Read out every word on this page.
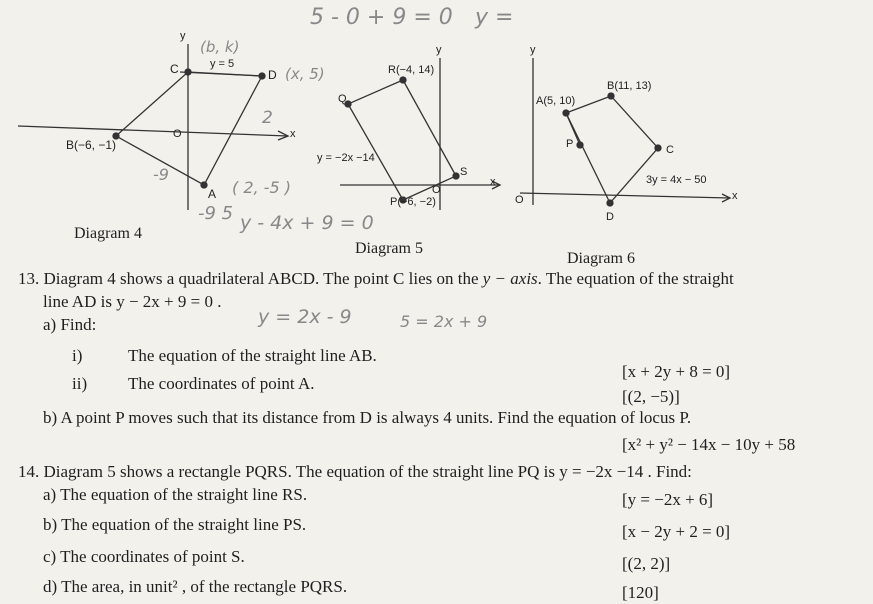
5 - 0 + 9 = 0 y =
(b, k)
(x, 5)
( 2, -5 )
2
-9
-9 5 y - 4x + 9 = 0
y = 2x - 9	5 = 2x + 9
y
x
O
C	D
B(−6, −1)
A
y = 5
Diagram 4
y
x
O
R(−4, 14)
Q
S
P(−6, −2)
y = −2x −14
Diagram 5
y
x
O
A(5, 10)
B(11, 13)
P	C
D
3y = 4x − 50
Diagram 6
13. Diagram 4 shows a quadrilateral ABCD. The point C lies on the y − axis. The equation of the straight
line AD is y − 2x + 9 = 0 .
a) Find:
i)	The equation of the straight line AB.
[x + 2y + 8 = 0]
ii) The coordinates of point A.
[(2, −5)]
b) A point P moves such that its distance from D is always 4 units. Find the equation of locus P.
[x² + y² − 14x − 10y + 58
14. Diagram 5 shows a rectangle PQRS. The equation of the straight line PQ is y = −2x −14 . Find:
a) The equation of the straight line RS.	[y = −2x + 6]
b) The equation of the straight line PS.	[x − 2y + 2 = 0]
c) The coordinates of point S.	[(2, 2)]
d) The area, in unit² , of the rectangle PQRS.	[120]
